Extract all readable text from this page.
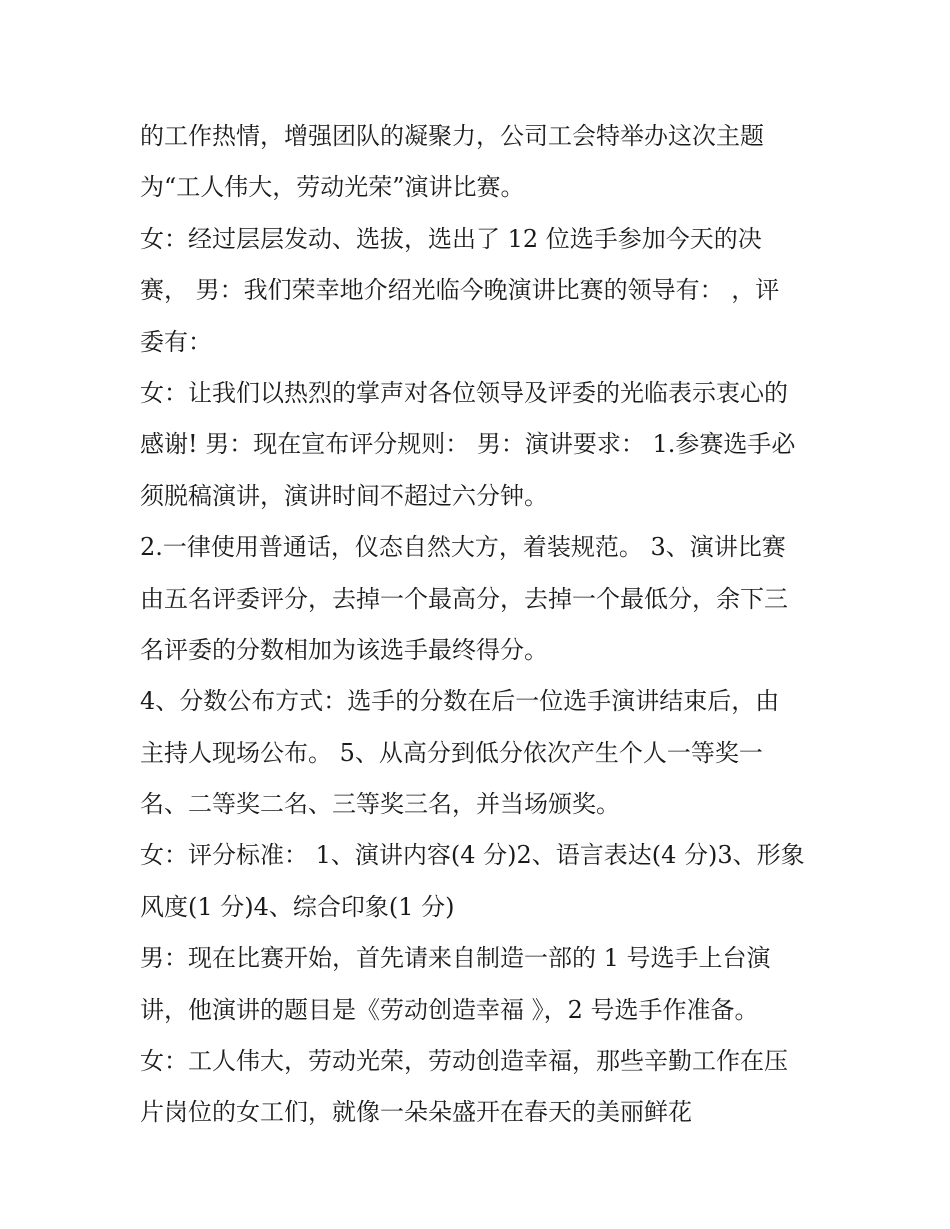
的工作热情，增强团队的凝聚力，公司工会特举办这次主题
为“工人伟大，劳动光荣”演讲比赛。
女：经过层层发动、选拔，选出了 12 位选手参加今天的决
赛， 男：我们荣幸地介绍光临今晚演讲比赛的领导有： ，评
委有：
女：让我们以热烈的掌声对各位领导及评委的光临表示衷心的
感谢! 男：现在宣布评分规则： 男：演讲要求： 1.参赛选手必
须脱稿演讲，演讲时间不超过六分钟。
2.一律使用普通话，仪态自然大方，着装规范。 3、演讲比赛
由五名评委评分，去掉一个最高分，去掉一个最低分，余下三
名评委的分数相加为该选手最终得分。
4、分数公布方式：选手的分数在后一位选手演讲结束后，由
主持人现场公布。 5、从高分到低分依次产生个人一等奖一
名、二等奖二名、三等奖三名，并当场颁奖。
女：评分标准： 1、演讲内容(4 分)2、语言表达(4 分)3、形象
风度(1 分)4、综合印象(1 分)
男：现在比赛开始，首先请来自制造一部的 1 号选手上台演
讲，他演讲的题目是《劳动创造幸福 》，2 号选手作准备。
女：工人伟大，劳动光荣，劳动创造幸福，那些辛勤工作在压
片岗位的女工们，就像一朵朵盛开在春天的美丽鲜花
